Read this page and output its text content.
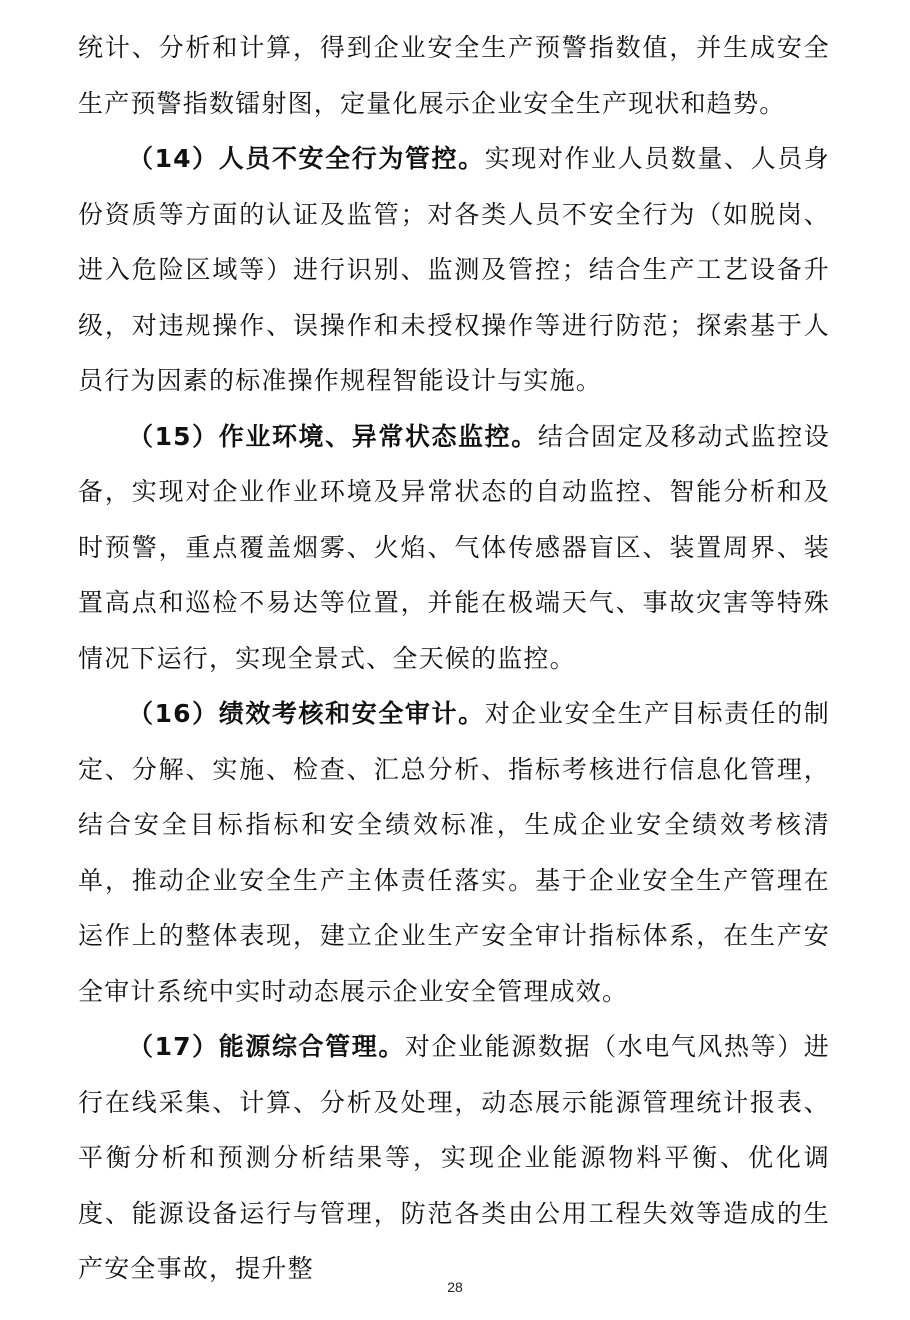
统计、分析和计算，得到企业安全生产预警指数值，并生成安全生产预警指数镭射图，定量化展示企业安全生产现状和趋势。

（14）人员不安全行为管控。实现对作业人员数量、人员身份资质等方面的认证及监管；对各类人员不安全行为（如脱岗、进入危险区域等）进行识别、监测及管控；结合生产工艺设备升级，对违规操作、误操作和未授权操作等进行防范；探索基于人员行为因素的标准操作规程智能设计与实施。

（15）作业环境、异常状态监控。结合固定及移动式监控设备，实现对企业作业环境及异常状态的自动监控、智能分析和及时预警，重点覆盖烟雾、火焰、气体传感器盲区、装置周界、装置高点和巡检不易达等位置，并能在极端天气、事故灾害等特殊情况下运行，实现全景式、全天候的监控。

（16）绩效考核和安全审计。对企业安全生产目标责任的制定、分解、实施、检查、汇总分析、指标考核进行信息化管理，结合安全目标指标和安全绩效标准，生成企业安全绩效考核清单，推动企业安全生产主体责任落实。基于企业安全生产管理在运作上的整体表现，建立企业生产安全审计指标体系，在生产安全审计系统中实时动态展示企业安全管理成效。

（17）能源综合管理。对企业能源数据（水电气风热等）进行在线采集、计算、分析及处理，动态展示能源管理统计报表、平衡分析和预测分析结果等，实现企业能源物料平衡、优化调度、能源设备运行与管理，防范各类由公用工程失效等造成的生产安全事故，提升整

28
